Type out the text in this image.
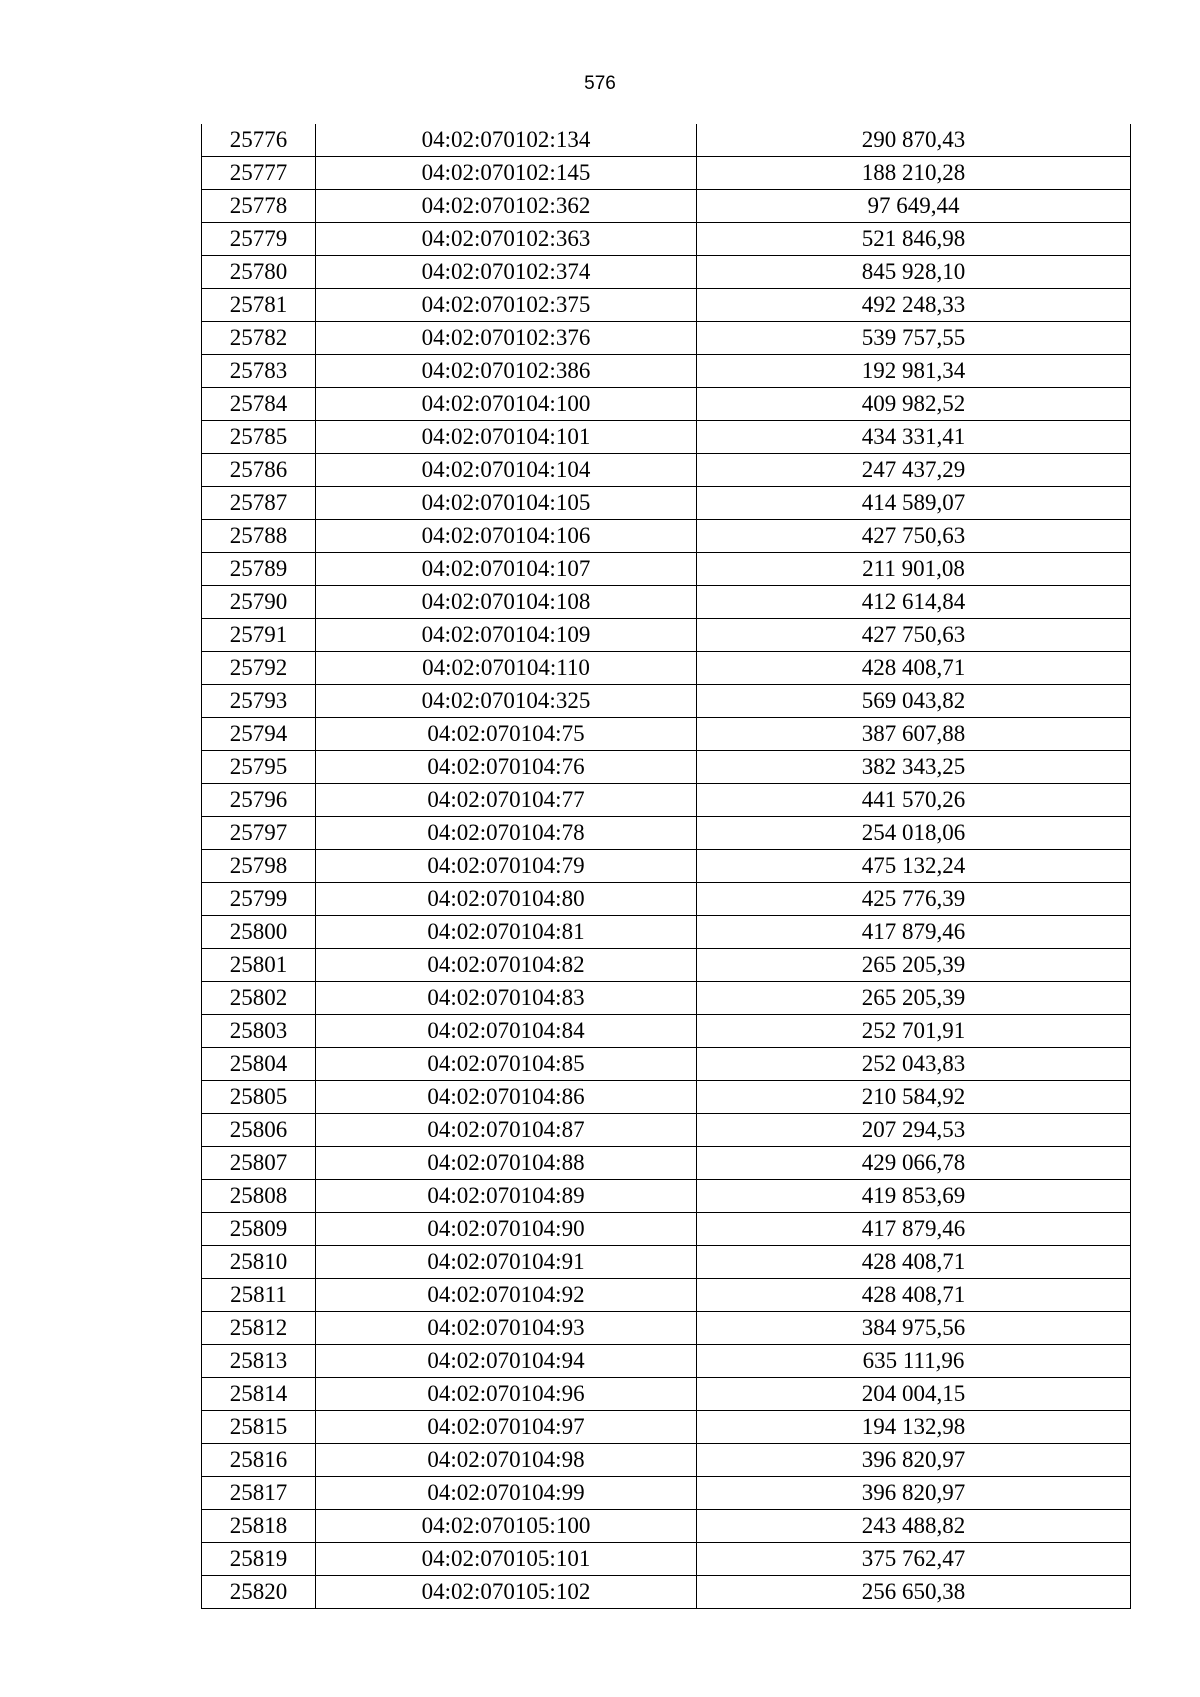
576
25776	04:02:070102:134	290 870,43
25777	04:02:070102:145	188 210,28
25778	04:02:070102:362	97 649,44
25779	04:02:070102:363	521 846,98
25780	04:02:070102:374	845 928,10
25781	04:02:070102:375	492 248,33
25782	04:02:070102:376	539 757,55
25783	04:02:070102:386	192 981,34
25784	04:02:070104:100	409 982,52
25785	04:02:070104:101	434 331,41
25786	04:02:070104:104	247 437,29
25787	04:02:070104:105	414 589,07
25788	04:02:070104:106	427 750,63
25789	04:02:070104:107	211 901,08
25790	04:02:070104:108	412 614,84
25791	04:02:070104:109	427 750,63
25792	04:02:070104:110	428 408,71
25793	04:02:070104:325	569 043,82
25794	04:02:070104:75	387 607,88
25795	04:02:070104:76	382 343,25
25796	04:02:070104:77	441 570,26
25797	04:02:070104:78	254 018,06
25798	04:02:070104:79	475 132,24
25799	04:02:070104:80	425 776,39
25800	04:02:070104:81	417 879,46
25801	04:02:070104:82	265 205,39
25802	04:02:070104:83	265 205,39
25803	04:02:070104:84	252 701,91
25804	04:02:070104:85	252 043,83
25805	04:02:070104:86	210 584,92
25806	04:02:070104:87	207 294,53
25807	04:02:070104:88	429 066,78
25808	04:02:070104:89	419 853,69
25809	04:02:070104:90	417 879,46
25810	04:02:070104:91	428 408,71
25811	04:02:070104:92	428 408,71
25812	04:02:070104:93	384 975,56
25813	04:02:070104:94	635 111,96
25814	04:02:070104:96	204 004,15
25815	04:02:070104:97	194 132,98
25816	04:02:070104:98	396 820,97
25817	04:02:070104:99	396 820,97
25818	04:02:070105:100	243 488,82
25819	04:02:070105:101	375 762,47
25820	04:02:070105:102	256 650,38
